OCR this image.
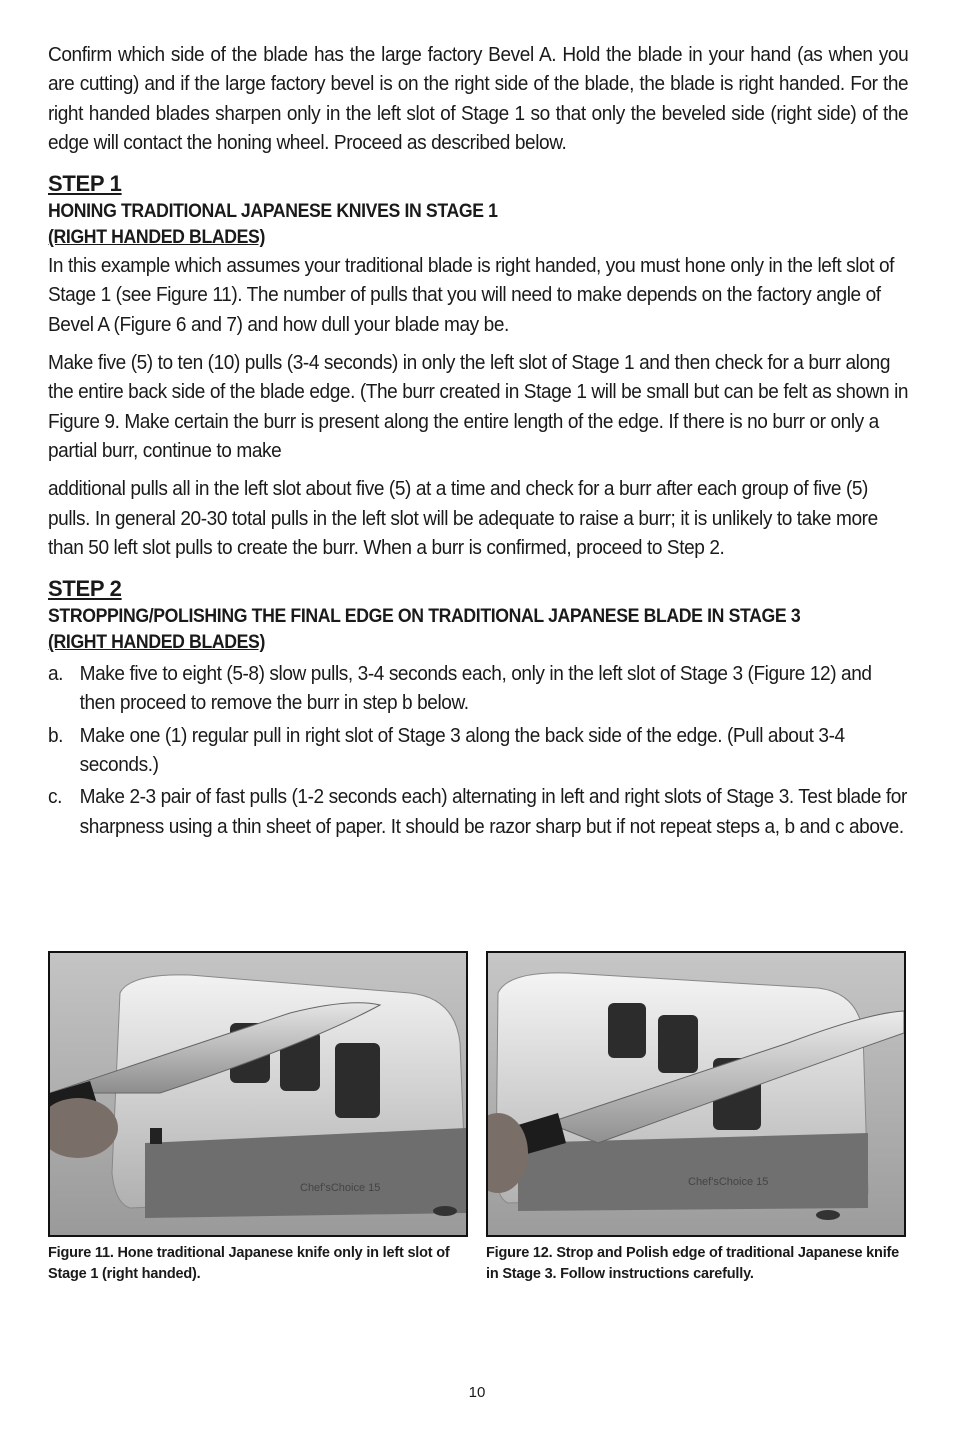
Confirm which side of the blade has the large factory Bevel A. Hold the blade in your hand (as when you are cutting) and if the large factory bevel is on the right side of the blade, the blade is right handed. For the right handed blades sharpen only in the left slot of Stage 1 so that only the beveled side (right side) of the edge will contact the honing wheel. Proceed as described below.

STEP 1
HONING TRADITIONAL JAPANESE KNIVES IN STAGE 1
(RIGHT HANDED BLADES)

In this example which assumes your traditional blade is right handed, you must hone only in the left slot of Stage 1 (see Figure 11). The number of pulls that you will need to make depends on the factory angle of Bevel A (Figure 6 and 7) and how dull your blade may be.

Make five (5) to ten (10) pulls (3-4 seconds) in only the left slot of Stage 1 and then check for a burr along the entire back side of the blade edge. (The burr created in Stage 1 will be small but can be felt as shown in Figure 9. Make certain the burr is present along the entire length of the edge. If there is no burr or only a partial burr, continue to make

additional pulls all in the left slot about five (5) at a time and check for a burr after each group of five (5) pulls. In general 20-30 total pulls in the left slot will be adequate to raise a burr; it is unlikely to take more than 50 left slot pulls to create the burr. When a burr is confirmed, proceed to Step 2.

STEP 2
STROPPING/POLISHING THE FINAL EDGE ON TRADITIONAL JAPANESE BLADE IN STAGE 3
(RIGHT HANDED BLADES)
a. Make five to eight (5-8) slow pulls, 3-4 seconds each, only in the left slot of Stage 3 (Figure 12) and then proceed to remove the burr in step b below.
b. Make one (1) regular pull in right slot of Stage 3 along the back side of the edge. (Pull about 3-4 seconds.)
c. Make 2-3 pair of fast pulls (1-2 seconds each) alternating in left and right slots of Stage 3. Test blade for sharpness using a thin sheet of paper. It should be razor sharp but if not repeat steps a, b and c above.
Chef'sChoice 15
Figure 11. Hone traditional Japanese knife only in left slot of Stage 1 (right handed).
Chef'sChoice 15
Figure 12. Strop and Polish edge of traditional Japanese knife in Stage 3. Follow instructions carefully.
10
